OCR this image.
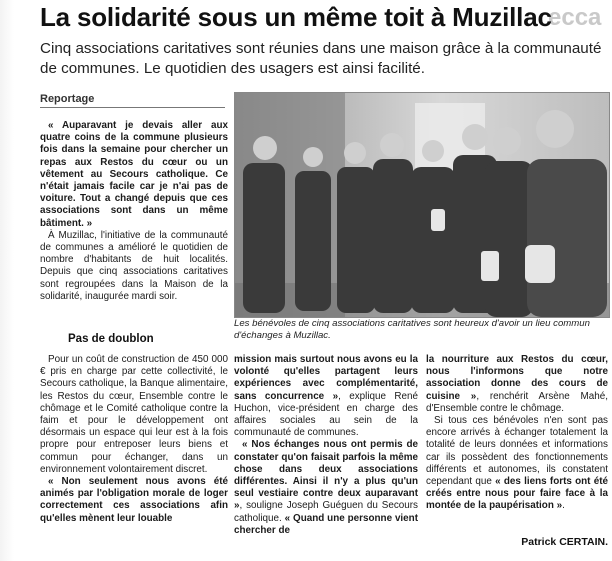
ecca
La solidarité sous un même toit à Muzillac

Cinq associations caritatives sont réunies dans une maison grâce à la communauté de communes. Le quotidien des usagers est ainsi facilité.

Reportage

« Auparavant je devais aller aux quatre coins de la commune plusieurs fois dans la semaine pour chercher un repas aux Restos du cœur ou un vêtement au Secours catholique. Ce n'était jamais facile car je n'ai pas de voiture. Tout a changé depuis que ces associations sont dans un même bâtiment. »

À Muzillac, l'initiative de la communauté de communes a amélioré le quotidien de nombre d'habitants de huit localités. Depuis que cinq associations caritatives sont regroupées dans la Maison de la solidarité, inaugurée mardi soir.

Pas de doublon

Pour un coût de construction de 450 000 € pris en charge par cette collectivité, le Secours catholique, la Banque alimentaire, les Restos du cœur, Ensemble contre le chômage et le Comité catholique contre la faim et pour le développement ont désormais un espace qui leur est à la fois propre pour entreposer leurs biens et commun pour échanger, dans un environnement volontairement discret.

« Non seulement nous avons été animés par l'obligation morale de loger correctement ces associations afin qu'elles mènent leur louable

Les bénévoles de cinq associations caritatives sont heureux d'avoir un lieu commun d'échanges à Muzillac.

mission mais surtout nous avons eu la volonté qu'elles partagent leurs expériences avec complémentarité, sans concurrence », explique René Huchon, vice-président en charge des affaires sociales au sein de la communauté de communes.

« Nos échanges nous ont permis de constater qu'on faisait parfois la même chose dans deux associations différentes. Ainsi il n'y a plus qu'un seul vestiaire contre deux auparavant », souligne Joseph Guéguen du Secours catholique. « Quand une personne vient chercher de

la nourriture aux Restos du cœur, nous l'informons que notre association donne des cours de cuisine », renchérit Arsène Mahé, d'Ensemble contre le chômage.

Si tous ces bénévoles n'en sont pas encore arrivés à échanger totalement la totalité de leurs données et informations car ils possèdent des fonctionnements différents et autonomes, ils constatent cependant que « des liens forts ont été créés entre nous pour faire face à la montée de la paupérisation ».

Patrick CERTAIN.
